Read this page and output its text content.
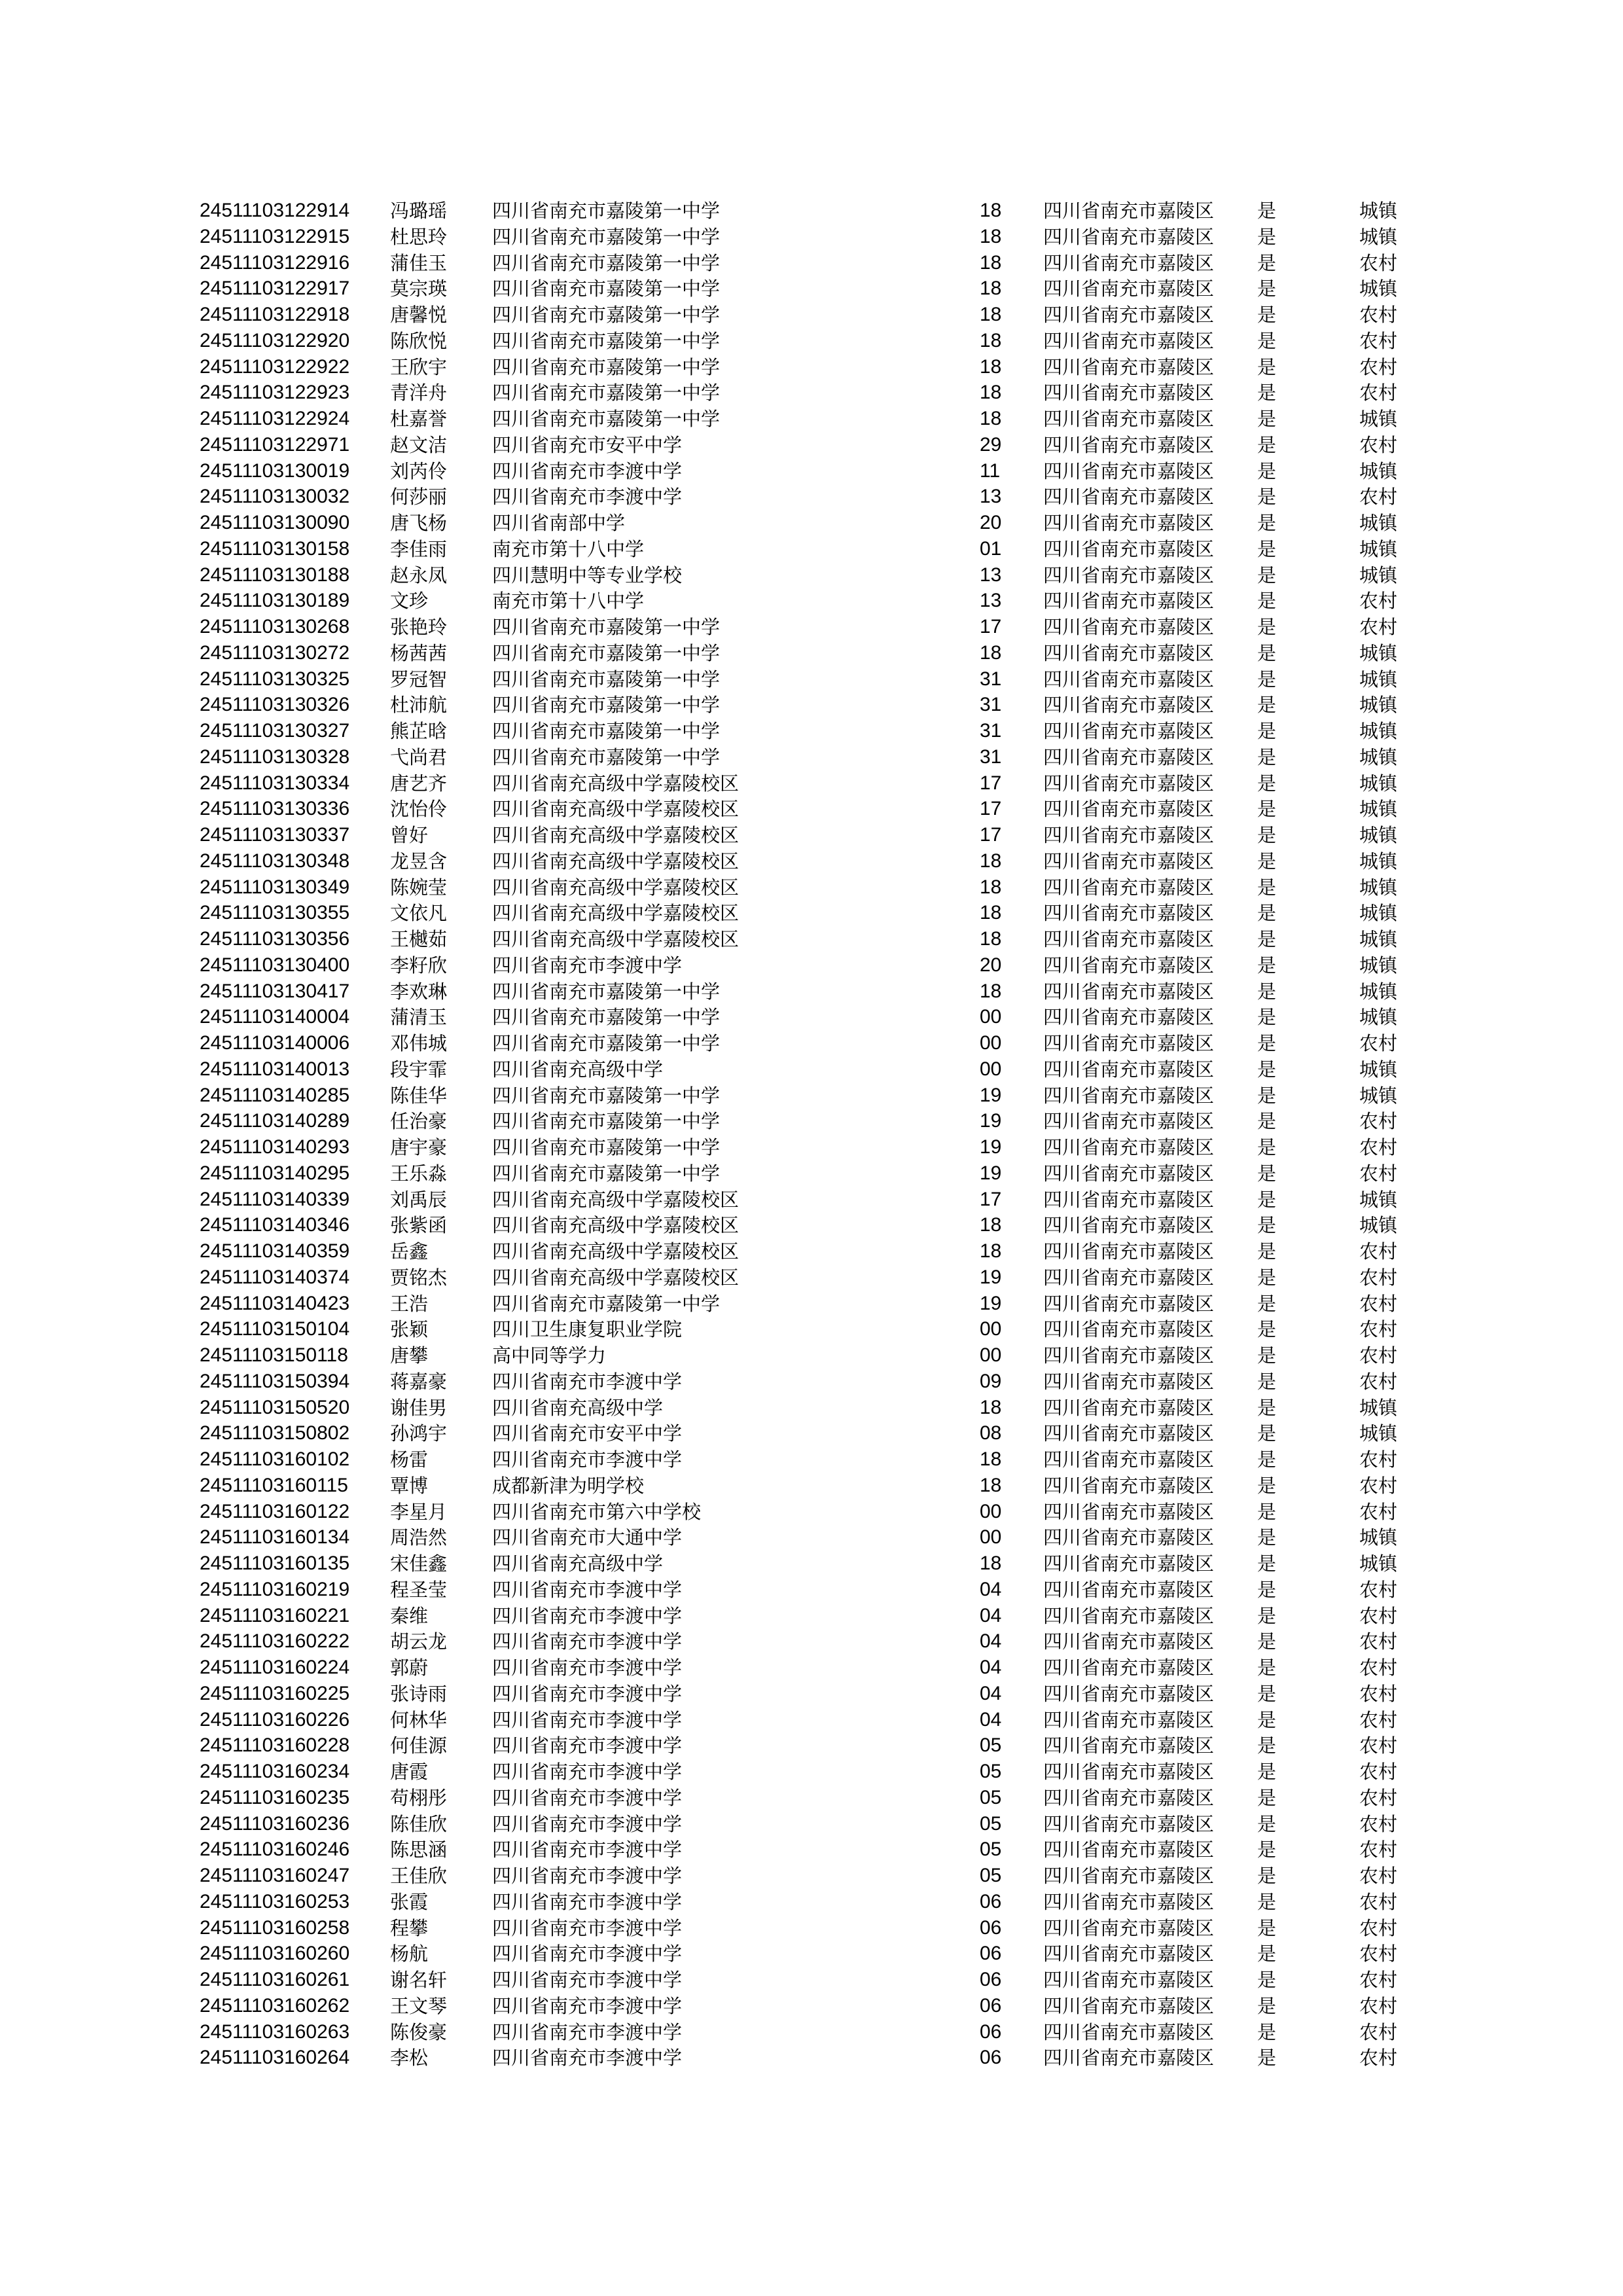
24511103122914 冯璐瑶 四川省南充市嘉陵第一中学	18 四川省南充市嘉陵区 是	城镇
24511103122915 杜思玲 四川省南充市嘉陵第一中学	18 四川省南充市嘉陵区 是	城镇
24511103122916 蒲佳玉 四川省南充市嘉陵第一中学	18 四川省南充市嘉陵区 是	农村
24511103122917 莫宗瑛 四川省南充市嘉陵第一中学	18 四川省南充市嘉陵区 是	城镇
24511103122918 唐馨悦 四川省南充市嘉陵第一中学	18 四川省南充市嘉陵区 是	农村
24511103122920 陈欣悦 四川省南充市嘉陵第一中学	18 四川省南充市嘉陵区 是	农村
24511103122922 王欣宇 四川省南充市嘉陵第一中学	18 四川省南充市嘉陵区 是	农村
24511103122923 青洋舟 四川省南充市嘉陵第一中学	18 四川省南充市嘉陵区 是	农村
24511103122924 杜嘉誉 四川省南充市嘉陵第一中学	18 四川省南充市嘉陵区 是	城镇
24511103122971 赵文洁 四川省南充市安平中学	29 四川省南充市嘉陵区 是	农村
24511103130019 刘芮伶 四川省南充市李渡中学	11 四川省南充市嘉陵区 是	城镇
24511103130032 何莎丽 四川省南充市李渡中学	13 四川省南充市嘉陵区 是	农村
24511103130090 唐飞杨 四川省南部中学	20 四川省南充市嘉陵区 是	城镇
24511103130158 李佳雨 南充市第十八中学	01 四川省南充市嘉陵区 是	城镇
24511103130188 赵永凤 四川慧明中等专业学校	13 四川省南充市嘉陵区 是	城镇
24511103130189 文珍	南充市第十八中学	13 四川省南充市嘉陵区 是	农村
24511103130268 张艳玲 四川省南充市嘉陵第一中学	17 四川省南充市嘉陵区 是	农村
24511103130272 杨茜茜 四川省南充市嘉陵第一中学	18 四川省南充市嘉陵区 是	城镇
24511103130325 罗冠智 四川省南充市嘉陵第一中学	31 四川省南充市嘉陵区 是	城镇
24511103130326 杜沛航 四川省南充市嘉陵第一中学	31 四川省南充市嘉陵区 是	城镇
24511103130327 熊芷晗 四川省南充市嘉陵第一中学	31 四川省南充市嘉陵区 是	城镇
24511103130328 弋尚君 四川省南充市嘉陵第一中学	31 四川省南充市嘉陵区 是	城镇
24511103130334 唐艺齐 四川省南充高级中学嘉陵校区	17 四川省南充市嘉陵区 是	城镇
24511103130336 沈怡伶 四川省南充高级中学嘉陵校区	17 四川省南充市嘉陵区 是	城镇
24511103130337 曾好	四川省南充高级中学嘉陵校区	17 四川省南充市嘉陵区 是	城镇
24511103130348 龙昱含 四川省南充高级中学嘉陵校区	18 四川省南充市嘉陵区 是	城镇
24511103130349 陈婉莹 四川省南充高级中学嘉陵校区	18 四川省南充市嘉陵区 是	城镇
24511103130355 文依凡 四川省南充高级中学嘉陵校区	18 四川省南充市嘉陵区 是	城镇
24511103130356 王樾茹 四川省南充高级中学嘉陵校区	18 四川省南充市嘉陵区 是	城镇
24511103130400 李籽欣 四川省南充市李渡中学	20 四川省南充市嘉陵区 是	城镇
24511103130417 李欢琳 四川省南充市嘉陵第一中学	18 四川省南充市嘉陵区 是	城镇
24511103140004 蒲清玉 四川省南充市嘉陵第一中学	00 四川省南充市嘉陵区 是	城镇
24511103140006 邓伟城 四川省南充市嘉陵第一中学	00 四川省南充市嘉陵区 是	农村
24511103140013 段宇霏 四川省南充高级中学	00 四川省南充市嘉陵区 是	城镇
24511103140285 陈佳华 四川省南充市嘉陵第一中学	19 四川省南充市嘉陵区 是	城镇
24511103140289 任治豪 四川省南充市嘉陵第一中学	19 四川省南充市嘉陵区 是	农村
24511103140293 唐宇豪 四川省南充市嘉陵第一中学	19 四川省南充市嘉陵区 是	农村
24511103140295 王乐淼 四川省南充市嘉陵第一中学	19 四川省南充市嘉陵区 是	农村
24511103140339 刘禹辰 四川省南充高级中学嘉陵校区	17 四川省南充市嘉陵区 是	城镇
24511103140346 张紫函 四川省南充高级中学嘉陵校区	18 四川省南充市嘉陵区 是	城镇
24511103140359 岳鑫	四川省南充高级中学嘉陵校区	18 四川省南充市嘉陵区 是	农村
24511103140374 贾铭杰 四川省南充高级中学嘉陵校区	19 四川省南充市嘉陵区 是	农村
24511103140423 王浩	四川省南充市嘉陵第一中学	19 四川省南充市嘉陵区 是	农村
24511103150104 张颖	四川卫生康复职业学院	00 四川省南充市嘉陵区 是	农村
24511103150118 唐攀	高中同等学力	00 四川省南充市嘉陵区 是	农村
24511103150394 蒋嘉豪 四川省南充市李渡中学	09 四川省南充市嘉陵区 是	农村
24511103150520 谢佳男 四川省南充高级中学	18 四川省南充市嘉陵区 是	城镇
24511103150802 孙鸿宇 四川省南充市安平中学	08 四川省南充市嘉陵区 是	城镇
24511103160102 杨雷	四川省南充市李渡中学	18 四川省南充市嘉陵区 是	农村
24511103160115 覃博	成都新津为明学校	18 四川省南充市嘉陵区 是	农村
24511103160122 李星月 四川省南充市第六中学校	00 四川省南充市嘉陵区 是	农村
24511103160134 周浩然 四川省南充市大通中学	00 四川省南充市嘉陵区 是	城镇
24511103160135 宋佳鑫 四川省南充高级中学	18 四川省南充市嘉陵区 是	城镇
24511103160219 程圣莹 四川省南充市李渡中学	04 四川省南充市嘉陵区 是	农村
24511103160221 秦维	四川省南充市李渡中学	04 四川省南充市嘉陵区 是	农村
24511103160222 胡云龙 四川省南充市李渡中学	04 四川省南充市嘉陵区 是	农村
24511103160224 郭蔚	四川省南充市李渡中学	04 四川省南充市嘉陵区 是	农村
24511103160225 张诗雨 四川省南充市李渡中学	04 四川省南充市嘉陵区 是	农村
24511103160226 何林华 四川省南充市李渡中学	04 四川省南充市嘉陵区 是	农村
24511103160228 何佳源 四川省南充市李渡中学	05 四川省南充市嘉陵区 是	农村
24511103160234 唐霞	四川省南充市李渡中学	05 四川省南充市嘉陵区 是	农村
24511103160235 苟栩彤 四川省南充市李渡中学	05 四川省南充市嘉陵区 是	农村
24511103160236 陈佳欣 四川省南充市李渡中学	05 四川省南充市嘉陵区 是	农村
24511103160246 陈思涵 四川省南充市李渡中学	05 四川省南充市嘉陵区 是	农村
24511103160247 王佳欣 四川省南充市李渡中学	05 四川省南充市嘉陵区 是	农村
24511103160253 张霞	四川省南充市李渡中学	06 四川省南充市嘉陵区 是	农村
24511103160258 程攀	四川省南充市李渡中学	06 四川省南充市嘉陵区 是	农村
24511103160260 杨航	四川省南充市李渡中学	06 四川省南充市嘉陵区 是	农村
24511103160261 谢名轩 四川省南充市李渡中学	06 四川省南充市嘉陵区 是	农村
24511103160262 王文琴 四川省南充市李渡中学	06 四川省南充市嘉陵区 是	农村
24511103160263 陈俊豪 四川省南充市李渡中学	06 四川省南充市嘉陵区 是	农村
24511103160264 李松	四川省南充市李渡中学	06 四川省南充市嘉陵区 是	农村
